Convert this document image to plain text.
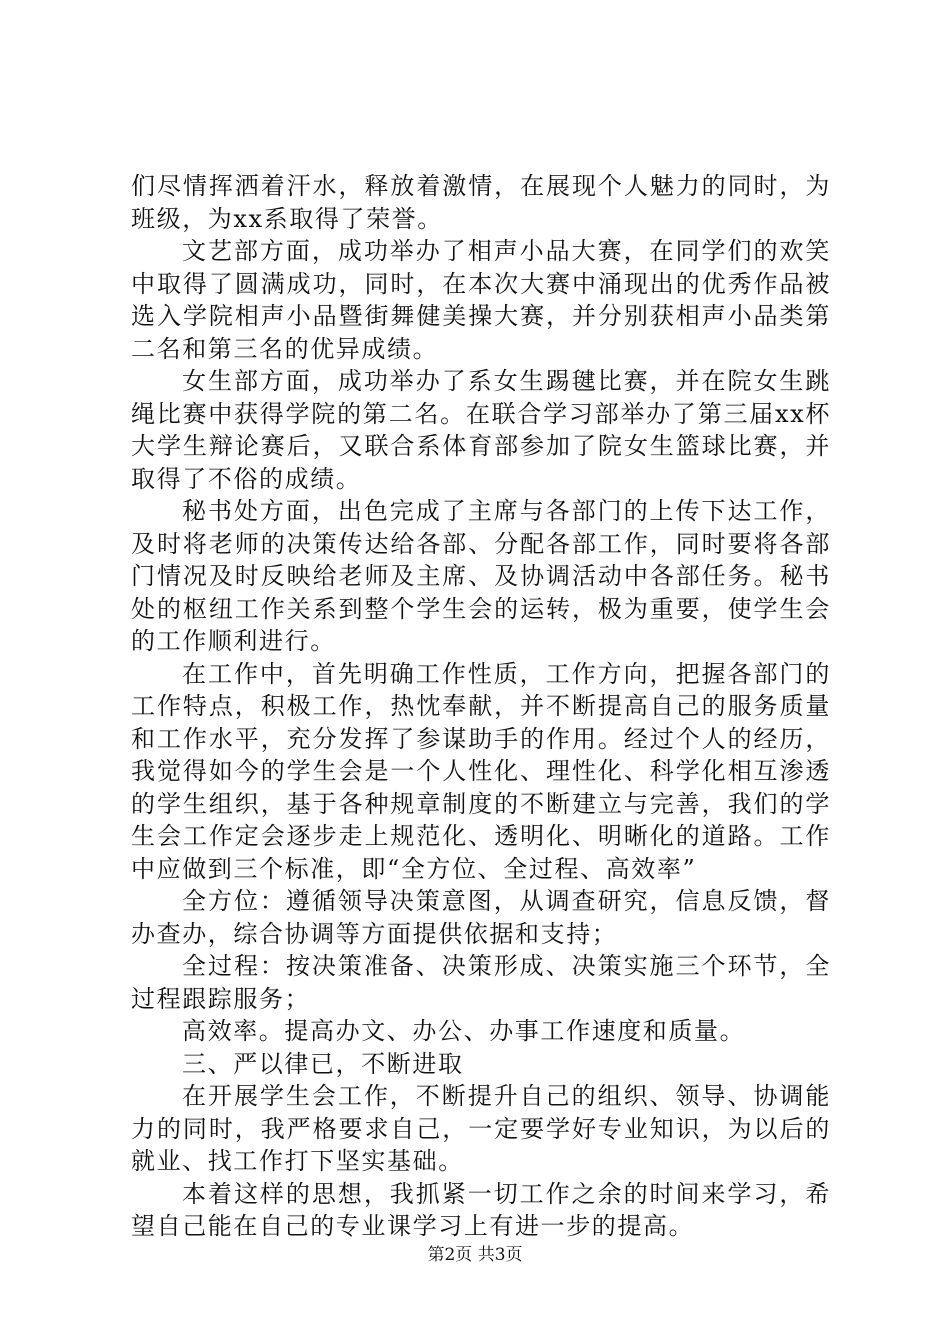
们尽情挥洒着汗水，释放着激情，在展现个人魅力的同时，为班级，为xx系取得了荣誉。

文艺部方面，成功举办了相声小品大赛，在同学们的欢笑中取得了圆满成功，同时，在本次大赛中涌现出的优秀作品被选入学院相声小品暨街舞健美操大赛，并分别获相声小品类第二名和第三名的优异成绩。

女生部方面，成功举办了系女生踢毽比赛，并在院女生跳绳比赛中获得学院的第二名。在联合学习部举办了第三届xx杯大学生辩论赛后，又联合系体育部参加了院女生篮球比赛，并取得了不俗的成绩。

秘书处方面，出色完成了主席与各部门的上传下达工作，及时将老师的决策传达给各部、分配各部工作，同时要将各部门情况及时反映给老师及主席、及协调活动中各部任务。秘书处的枢纽工作关系到整个学生会的运转，极为重要，使学生会的工作顺利进行。

在工作中，首先明确工作性质，工作方向，把握各部门的工作特点，积极工作，热忱奉献，并不断提高自己的服务质量和工作水平，充分发挥了参谋助手的作用。经过个人的经历，我觉得如今的学生会是一个人性化、理性化、科学化相互渗透的学生组织，基于各种规章制度的不断建立与完善，我们的学生会工作定会逐步走上规范化、透明化、明晰化的道路。工作中应做到三个标准，即“全方位、全过程、高效率”

全方位：遵循领导决策意图，从调查研究，信息反馈，督办查办，综合协调等方面提供依据和支持；

全过程：按决策准备、决策形成、决策实施三个环节，全过程跟踪服务；

高效率。提高办文、办公、办事工作速度和质量。

三、严以律已，不断进取

在开展学生会工作，不断提升自己的组织、领导、协调能力的同时，我严格要求自己，一定要学好专业知识，为以后的就业、找工作打下坚实基础。

本着这样的思想，我抓紧一切工作之余的时间来学习，希望自己能在自己的专业课学习上有进一步的提高。

第2页 共3页
